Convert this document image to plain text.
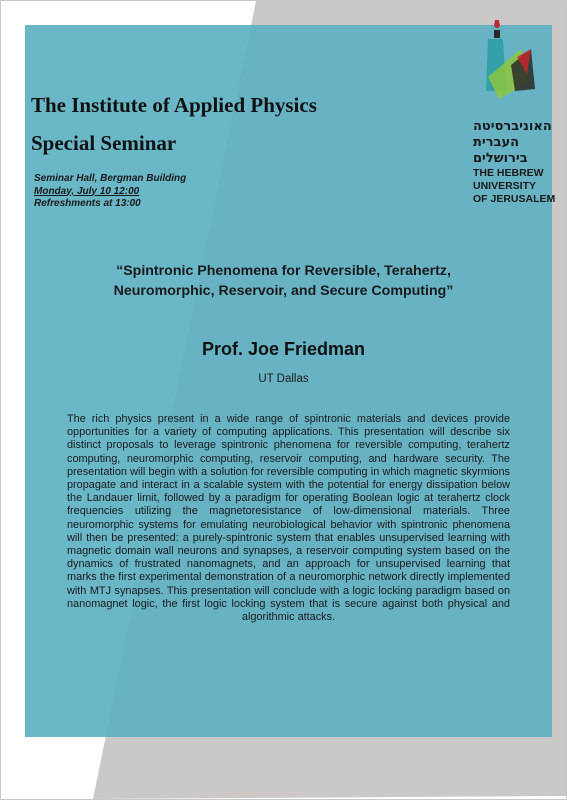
האוניברסיטה
העברית
בירושלים
THE HEBREW
UNIVERSITY
OF JERUSALEM
The Institute of Applied Physics
Special Seminar
Seminar Hall, Bergman Building
Monday, July 10 12:00
Refreshments at 13:00
“Spintronic Phenomena for Reversible, Terahertz, Neuromorphic, Reservoir, and Secure Computing”
Prof. Joe Friedman
UT Dallas
The rich physics present in a wide range of spintronic materials and devices provide opportunities for a variety of computing applications. This presentation will describe six distinct proposals to leverage spintronic phenomena for reversible computing, terahertz computing, neuromorphic computing, reservoir computing, and hardware security. The presentation will begin with a solution for reversible computing in which magnetic skyrmions propagate and interact in a scalable system with the potential for energy dissipation below the Landauer limit, followed by a paradigm for operating Boolean logic at terahertz clock frequencies utilizing the magnetoresistance of low-dimensional materials. Three neuromorphic systems for emulating neurobiological behavior with spintronic phenomena will then be presented: a purely-spintronic system that enables unsupervised learning with magnetic domain wall neurons and synapses, a reservoir computing system based on the dynamics of frustrated nanomagnets, and an approach for unsupervised learning that marks the first experimental demonstration of a neuromorphic network directly implemented with MTJ synapses. This presentation will conclude with a logic locking paradigm based on nanomagnet logic, the first logic locking system that is secure against both physical and algorithmic attacks.
